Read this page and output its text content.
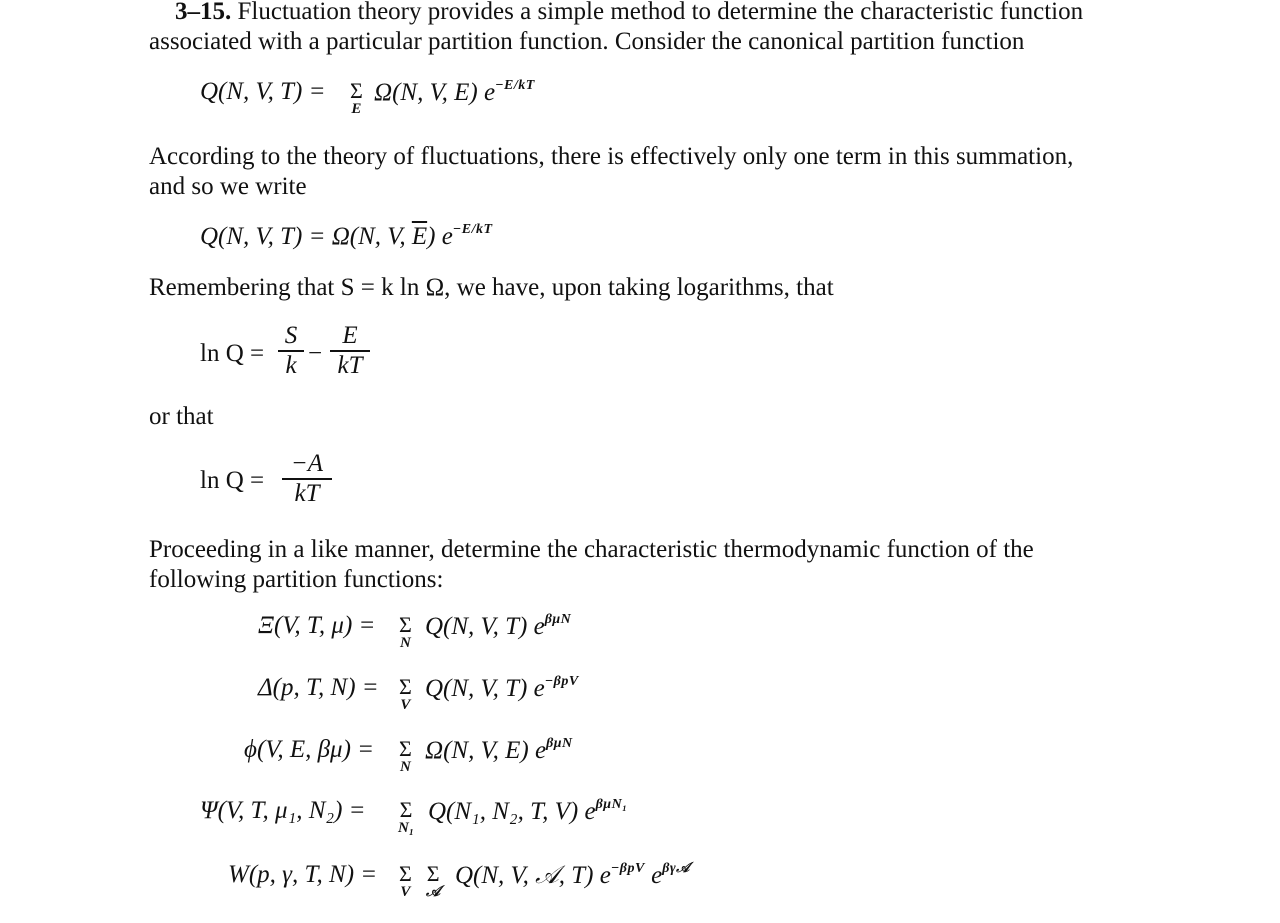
3–15. Fluctuation theory provides a simple method to determine the characteristic function
associated with a particular partition function. Consider the canonical partition function
Q(N, V, T) = Σ
E
Ω(N, V, E) $e^{-E/kT}$
According to the theory of fluctuations, there is effectively only one term in this summation,
and so we write
Q(N, V, T) = Ω(N, V, $\overline{E}$) $e^{-E/kT}$
Remembering that S = k ln Ω, we have, upon taking logarithms, that
ln Q =
S
k −
E
kT
or that
ln Q =
−A
kT
Proceeding in a like manner, determine the characteristic thermodynamic function of the
following partition functions:
Ξ(V, T, μ) = Σ
N
Q(N, V, T) $e^{\beta\mu N}$
Δ(p, T, N) = Σ
V
Q(N, V, T) $e^{-\beta pV}$
ϕ(V, E, βμ) = Σ
N
Ω(N, V, E) $e^{\beta\mu N}$
Ψ(V, T, μ₁, N₂) = Σ
N₁
Q(N₁, N₂, T, V) $e^{\beta\mu N_1}$
W(p, γ, T, N) = Σ
V
Σ
𝒜
Q(N, V, 𝒜, T) $e^{-\beta pV}$ $e^{\beta\gamma 𝒜}$
